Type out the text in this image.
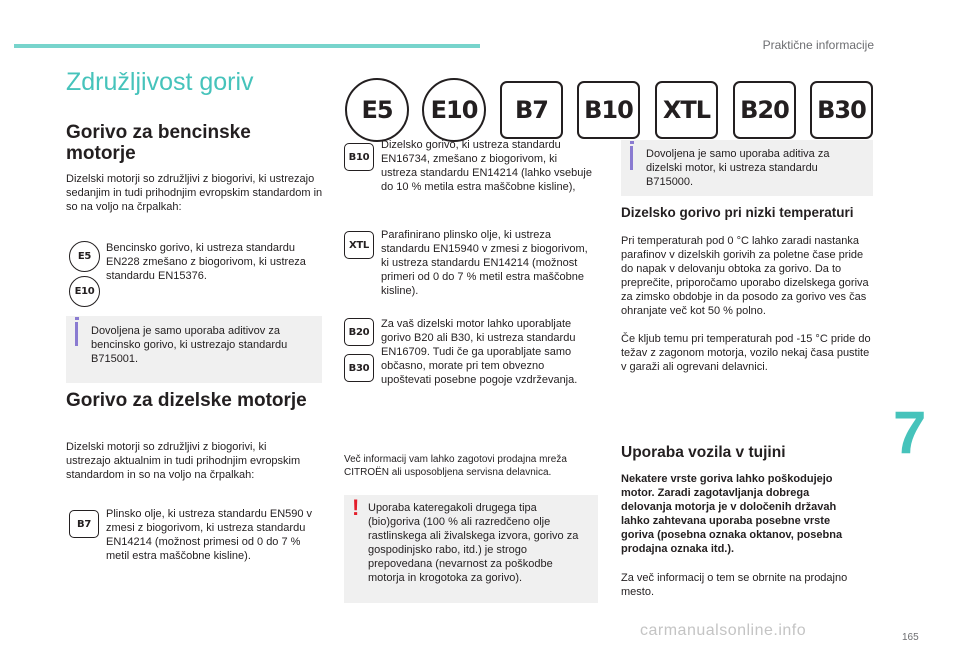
Praktične informacije
Združljivost goriv
E5	E10	B7	B10	XTL	B20 B30
Gorivo za bencinske motorje
Dizelski motorji so združljivi z biogorivi, ki ustrezajo sedanjim in tudi prihodnjim evropskim standardom in so na voljo na črpalkah:
E5
E10
Bencinsko gorivo, ki ustreza standardu EN228 zmešano z biogorivom, ki ustreza standardu EN15376.
Dovoljena je samo uporaba aditivov za bencinsko gorivo, ki ustrezajo standardu B715001.
Gorivo za dizelske motorje
Dizelski motorji so združljivi z biogorivi, ki ustrezajo aktualnim in tudi prihodnjim evropskim standardom in so na voljo na črpalkah:
B7
Plinsko olje, ki ustreza standardu EN590 v zmesi z biogorivom, ki ustreza standardu EN14214 (možnost primesi od 0 do 7 % metil estra maščobne kisline).
B10
Dizelsko gorivo, ki ustreza standardu EN16734, zmešano z biogorivom, ki ustreza standardu EN14214 (lahko vsebuje do 10 % metila estra maščobne kisline),
XTL
Parafinirano plinsko olje, ki ustreza standardu EN15940 v zmesi z biogorivom, ki ustreza standardu EN14214 (možnost primeri od 0 do 7 % metil estra maščobne kisline).
B20
B30
Za vaš dizelski motor lahko uporabljate gorivo B20 ali B30, ki ustreza standardu EN16709. Tudi če ga uporabljate samo občasno, morate pri tem obvezno upoštevati posebne pogoje vzdrževanja.
Več informacij vam lahko zagotovi prodajna mreža CITROËN ali usposobljena servisna delavnica.
! Uporaba kateregakoli drugega tipa (bio)goriva (100 % ali razredčeno olje rastlinskega ali živalskega izvora, gorivo za gospodinjsko rabo, itd.) je strogo prepovedana (nevarnost za poškodbe motorja in krogotoka za gorivo).
Dovoljena je samo uporaba aditiva za dizelski motor, ki ustreza standardu B715000.
Dizelsko gorivo pri nizki temperaturi
Pri temperaturah pod 0 °C lahko zaradi nastanka parafinov v dizelskih gorivih za poletne čase pride do napak v delovanju obtoka za gorivo. Da to preprečite, priporočamo uporabo dizelskega goriva za zimsko obdobje in da posodo za gorivo ves čas ohranjate več kot 50 % polno.
Če kljub temu pri temperaturah pod -15 °C pride do težav z zagonom motorja, vozilo nekaj časa pustite v garaži ali ogrevani delavnici.
Uporaba vozila v tujini
Nekatere vrste goriva lahko poškodujejo motor. Zaradi zagotavljanja dobrega delovanja motorja je v določenih državah lahko zahtevana uporaba posebne vrste goriva (posebna oznaka oktanov, posebna prodajna oznaka itd.).
Za več informacij o tem se obrnite na prodajno mesto.
7
165
carmanualsonline.info
